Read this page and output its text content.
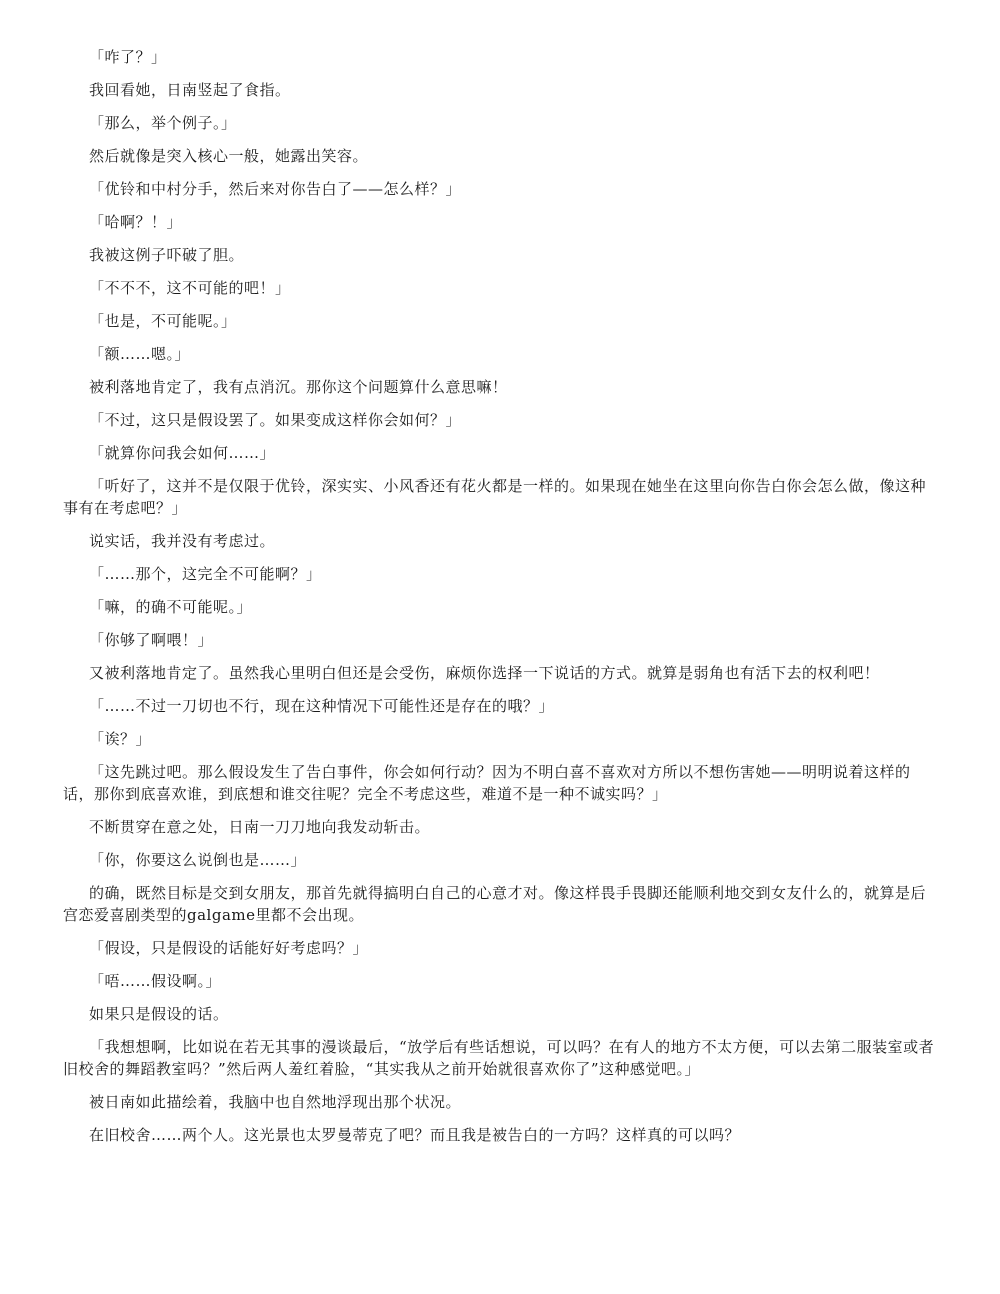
「咋了？」

我回看她，日南竖起了食指。

「那么，举个例子。」

然后就像是突入核心一般，她露出笑容。

「优铃和中村分手，然后来对你告白了——怎么样？」

「哈啊？！」

我被这例子吓破了胆。

「不不不，这不可能的吧！」

「也是，不可能呢。」

「额……嗯。」

被利落地肯定了，我有点消沉。那你这个问题算什么意思嘛！

「不过，这只是假设罢了。如果变成这样你会如何？」

「就算你问我会如何……」

「听好了，这并不是仅限于优铃，深实实、小风香还有花火都是一样的。如果现在她坐在这里向你告白你会怎么做，像这种事有在考虑吧？」

说实话，我并没有考虑过。

「……那个，这完全不可能啊？」

「嘛，的确不可能呢。」

「你够了啊喂！」

又被利落地肯定了。虽然我心里明白但还是会受伤，麻烦你选择一下说话的方式。就算是弱角也有活下去的权利吧！

「……不过一刀切也不行，现在这种情况下可能性还是存在的哦？」

「诶？」

「这先跳过吧。那么假设发生了告白事件，你会如何行动？因为不明白喜不喜欢对方所以不想伤害她——明明说着这样的话，那你到底喜欢谁，到底想和谁交往呢？完全不考虑这些，难道不是一种不诚实吗？」

不断贯穿在意之处，日南一刀刀地向我发动斩击。

「你，你要这么说倒也是……」

的确，既然目标是交到女朋友，那首先就得搞明白自己的心意才对。像这样畏手畏脚还能顺利地交到女友什么的，就算是后宫恋爱喜剧类型的galgame里都不会出现。

「假设，只是假设的话能好好考虑吗？」

「唔……假设啊。」

如果只是假设的话。

「我想想啊，比如说在若无其事的漫谈最后，“放学后有些话想说，可以吗？在有人的地方不太方便，可以去第二服装室或者旧校舍的舞蹈教室吗？”然后两人羞红着脸，“其实我从之前开始就很喜欢你了”这种感觉吧。」

被日南如此描绘着，我脑中也自然地浮现出那个状况。

在旧校舍……两个人。这光景也太罗曼蒂克了吧？而且我是被告白的一方吗？这样真的可以吗？
